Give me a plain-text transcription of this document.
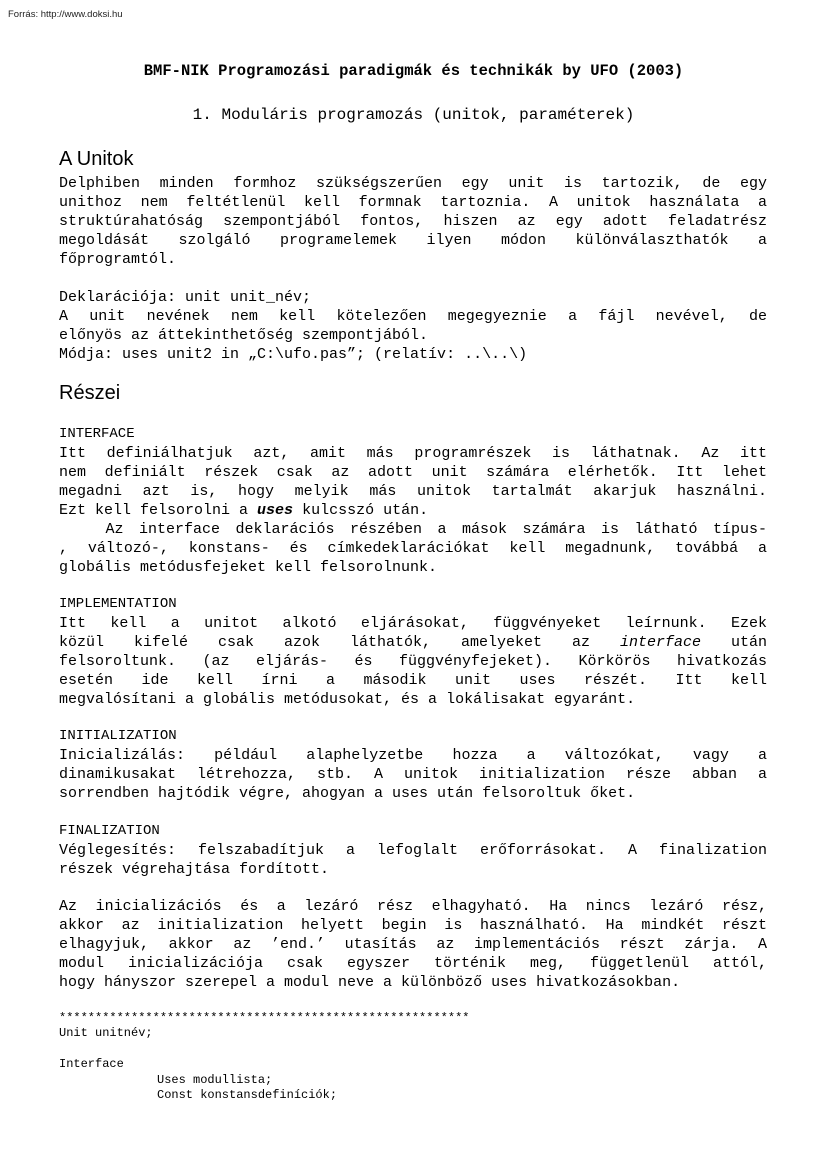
Forrás: http://www.doksi.hu
BMF-NIK Programozási paradigmák és technikák by UFO (2003)
1. Moduláris programozás (unitok, paraméterek)
A Unitok
Delphiben minden formhoz szükségszerűen egy unit is tartozik, de egy
unithoz nem feltétlenül kell formnak tartoznia. A unitok használata a
struktúrahatóság szempontjából fontos, hiszen az egy adott feladatrész
megoldását szolgáló programelemek ilyen módon különválaszthatók a
főprogramtól.
Deklarációja: unit unit_név;
A unit nevének nem kell kötelezően megegyeznie a fájl nevével, de
előnyös az áttekinthetőség szempontjából.
Módja: uses unit2 in „C:\ufo.pas”; (relatív: ..\..\)
Részei
INTERFACE
Itt definiálhatjuk azt, amit más programrészek is láthatnak. Az itt
nem definiált részek csak az adott unit számára elérhetők. Itt lehet
megadni azt is, hogy melyik más unitok tartalmát akarjuk használni.
Ezt kell felsorolni a uses kulcsszó után.
Az interface deklarációs részében a mások számára is látható típus-
, változó-, konstans- és címkedeklarációkat kell megadnunk, továbbá a
globális metódusfejeket kell felsorolnunk.
IMPLEMENTATION
Itt kell a unitot alkotó eljárásokat, függvényeket leírnunk. Ezek
közül kifelé csak azok láthatók, amelyeket az interface után
felsoroltunk. (az eljárás- és függvényfejeket). Körkörös hivatkozás
esetén ide kell írni a második unit uses részét. Itt kell
megvalósítani a globális metódusokat, és a lokálisakat egyaránt.
INITIALIZATION
Inicializálás: például alaphelyzetbe hozza a változókat, vagy a
dinamikusakat létrehozza, stb. A unitok initialization része abban a
sorrendben hajtódik végre, ahogyan a uses után felsoroltuk őket.
FINALIZATION
Véglegesítés: felszabadítjuk a lefoglalt erőforrásokat. A finalization
részek végrehajtása fordított.
Az inicializációs és a lezáró rész elhagyható. Ha nincs lezáró rész,
akkor az initialization helyett begin is használható. Ha mindkét részt
elhagyjuk, akkor az ’end.’ utasítás az implementációs részt zárja. A
modul inicializációja csak egyszer történik meg, függetlenül attól,
hogy hányszor szerepel a modul neve a különböző uses hivatkozásokban.
*********************************************************
Unit unitnév;
Interface
Uses modullista;
Const konstansdefiníciók;
